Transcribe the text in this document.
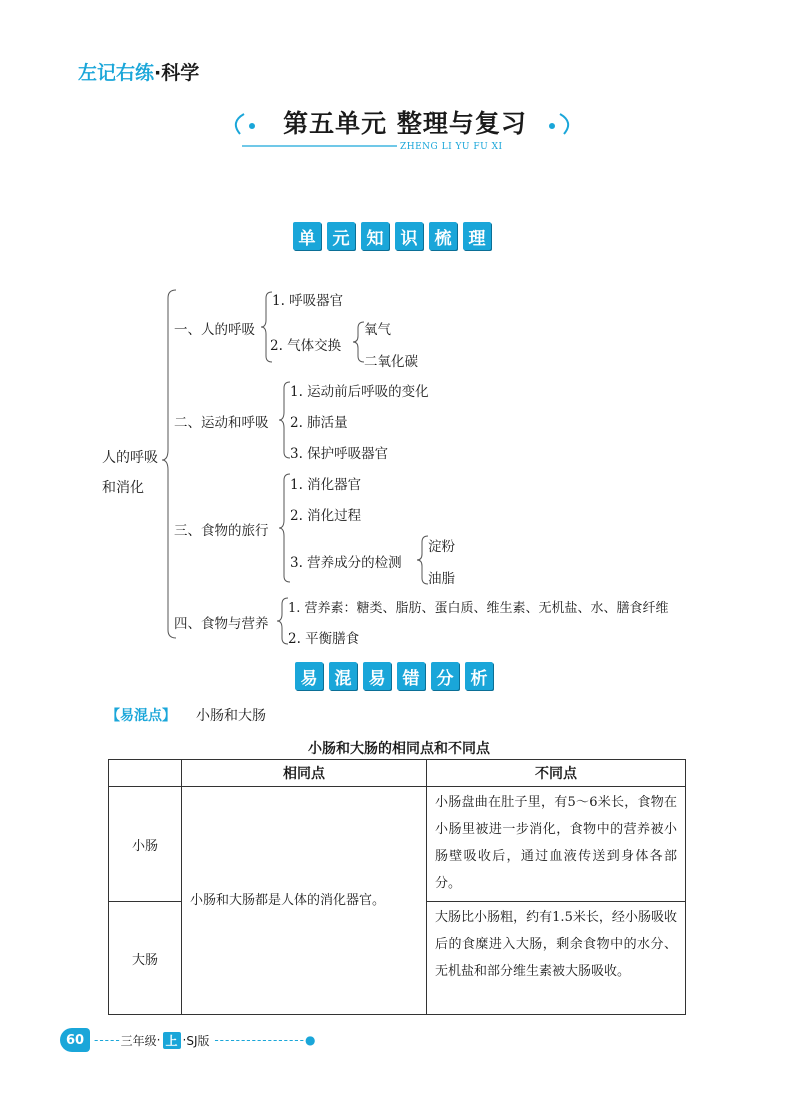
左记右练·科学
第五单元 整理与复习
ZHENG LI YU FU XI
单	元	知	识	梳	理
人的呼吸
和消化
一、人的呼吸
1. 呼吸器官
2. 气体交换
氧气
二氧化碳
二、运动和呼吸
1. 运动前后呼吸的变化
2. 肺活量
3. 保护呼吸器官
三、食物的旅行
1. 消化器官
2. 消化过程
3. 营养成分的检测
淀粉
油脂
四、食物与营养
1. 营养素：糖类、脂肪、蛋白质、维生素、无机盐、水、膳食纤维
2. 平衡膳食
易	混	易	错	分	析
【易混点】 小肠和大肠
小肠和大肠的相同点和不同点
	相同点	不同点
小肠	小肠和大肠都是人体的消化器官。	小肠盘曲在肚子里，有5～6米长，食物在小肠里被进一步消化，食物中的营养被小肠壁吸收后，通过血液传送到身体各部分。
大肠		大肠比小肠粗，约有1.5米长，经小肠吸收后的食糜进入大肠，剩余食物中的水分、无机盐和部分维生素被大肠吸收。
60 ----- 三年级 · 上 · SJ版 -----------------●
